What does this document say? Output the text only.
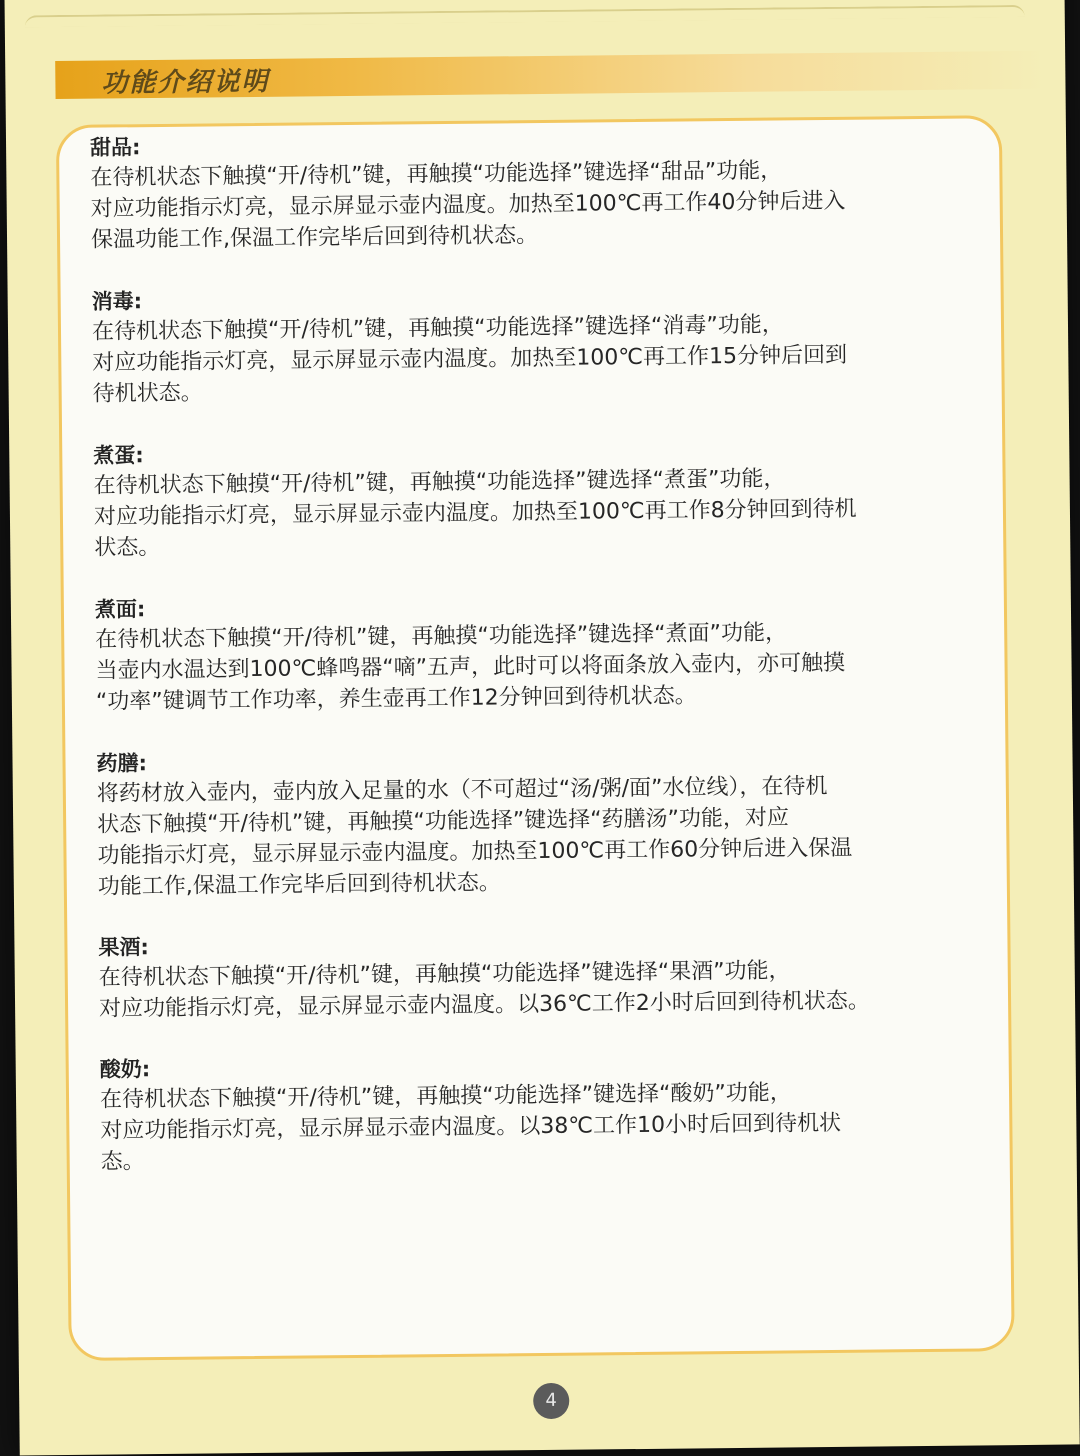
功能介绍说明

甜品:

在待机状态下触摸“开/待机”键，再触摸“功能选择”键选择“甜品”功能，
对应功能指示灯亮，显示屏显示壶内温度。加热至100℃再工作40分钟后进入
保温功能工作,保温工作完毕后回到待机状态。

消毒:

在待机状态下触摸“开/待机”键，再触摸“功能选择”键选择“消毒”功能，
对应功能指示灯亮，显示屏显示壶内温度。加热至100℃再工作15分钟后回到
待机状态。

煮蛋:

在待机状态下触摸“开/待机”键，再触摸“功能选择”键选择“煮蛋”功能，
对应功能指示灯亮，显示屏显示壶内温度。加热至100℃再工作8分钟回到待机
状态。

煮面:

在待机状态下触摸“开/待机”键，再触摸“功能选择”键选择“煮面”功能，
当壶内水温达到100℃蜂鸣器“嘀”五声，此时可以将面条放入壶内，亦可触摸
“功率”键调节工作功率，养生壶再工作12分钟回到待机状态。

药膳:

将药材放入壶内，壶内放入足量的水（不可超过“汤/粥/面”水位线），在待机
状态下触摸“开/待机”键，再触摸“功能选择”键选择“药膳汤”功能，对应
功能指示灯亮，显示屏显示壶内温度。加热至100℃再工作60分钟后进入保温
功能工作,保温工作完毕后回到待机状态。

果酒:

在待机状态下触摸“开/待机”键，再触摸“功能选择”键选择“果酒”功能，
对应功能指示灯亮，显示屏显示壶内温度。以36℃工作2小时后回到待机状态。

酸奶:

在待机状态下触摸“开/待机”键，再触摸“功能选择”键选择“酸奶”功能，
对应功能指示灯亮，显示屏显示壶内温度。以38℃工作10小时后回到待机状
态。

4
